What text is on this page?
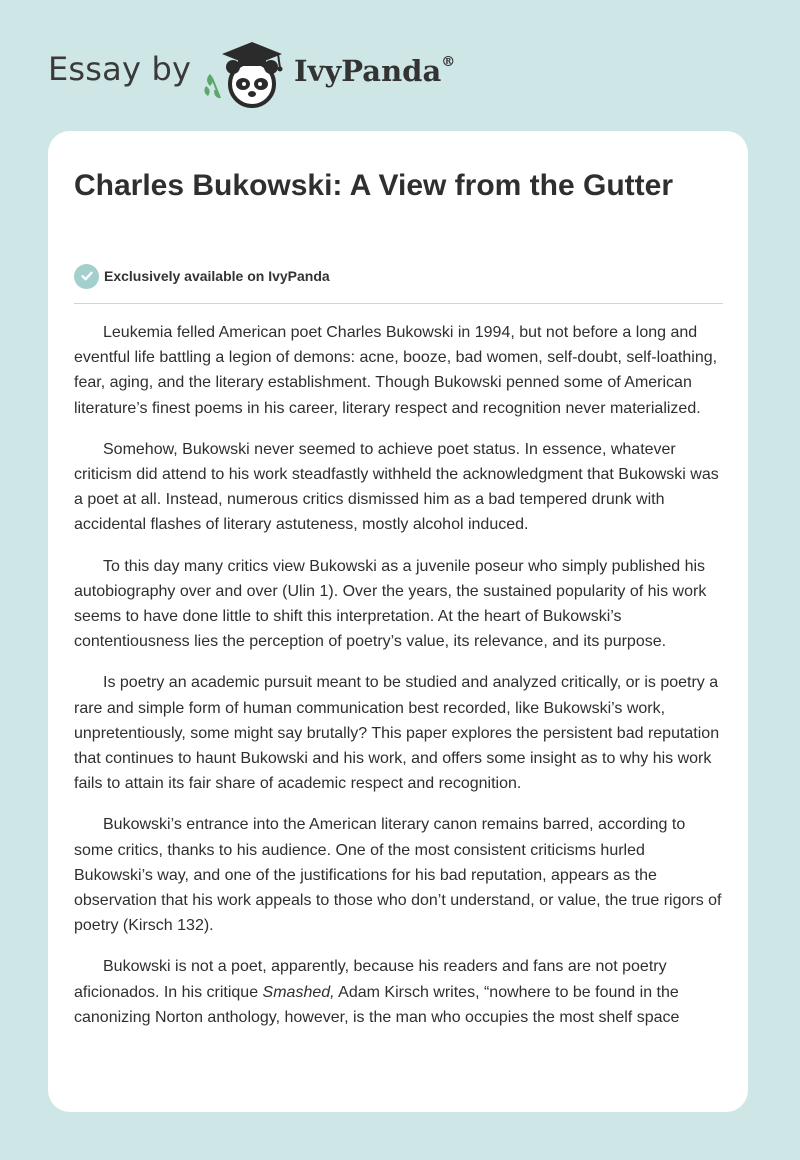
Essay by	IvyPanda®
Charles Bukowski: A View from the Gutter
Exclusively available on IvyPanda

Leukemia felled American poet Charles Bukowski in 1994, but not before a long and eventful life battling a legion of demons: acne, booze, bad women, self-doubt, self-loathing, fear, aging, and the literary establishment. Though Bukowski penned some of American literature’s finest poems in his career, literary respect and recognition never materialized.

Somehow, Bukowski never seemed to achieve poet status. In essence, whatever criticism did attend to his work steadfastly withheld the acknowledgment that Bukowski was a poet at all. Instead, numerous critics dismissed him as a bad tempered drunk with accidental flashes of literary astuteness, mostly alcohol induced.

To this day many critics view Bukowski as a juvenile poseur who simply published his autobiography over and over (Ulin 1). Over the years, the sustained popularity of his work seems to have done little to shift this interpretation. At the heart of Bukowski’s contentiousness lies the perception of poetry’s value, its relevance, and its purpose.

Is poetry an academic pursuit meant to be studied and analyzed critically, or is poetry a rare and simple form of human communication best recorded, like Bukowski’s work, unpretentiously, some might say brutally? This paper explores the persistent bad reputation that continues to haunt Bukowski and his work, and offers some insight as to why his work fails to attain its fair share of academic respect and recognition.

Bukowski’s entrance into the American literary canon remains barred, according to some critics, thanks to his audience. One of the most consistent criticisms hurled Bukowski’s way, and one of the justifications for his bad reputation, appears as the observation that his work appeals to those who don’t understand, or value, the true rigors of poetry (Kirsch 132).

Bukowski is not a poet, apparently, because his readers and fans are not poetry aficionados. In his critique Smashed, Adam Kirsch writes, “nowhere to be found in the canonizing Norton anthology, however, is the man who occupies the most shelf space
